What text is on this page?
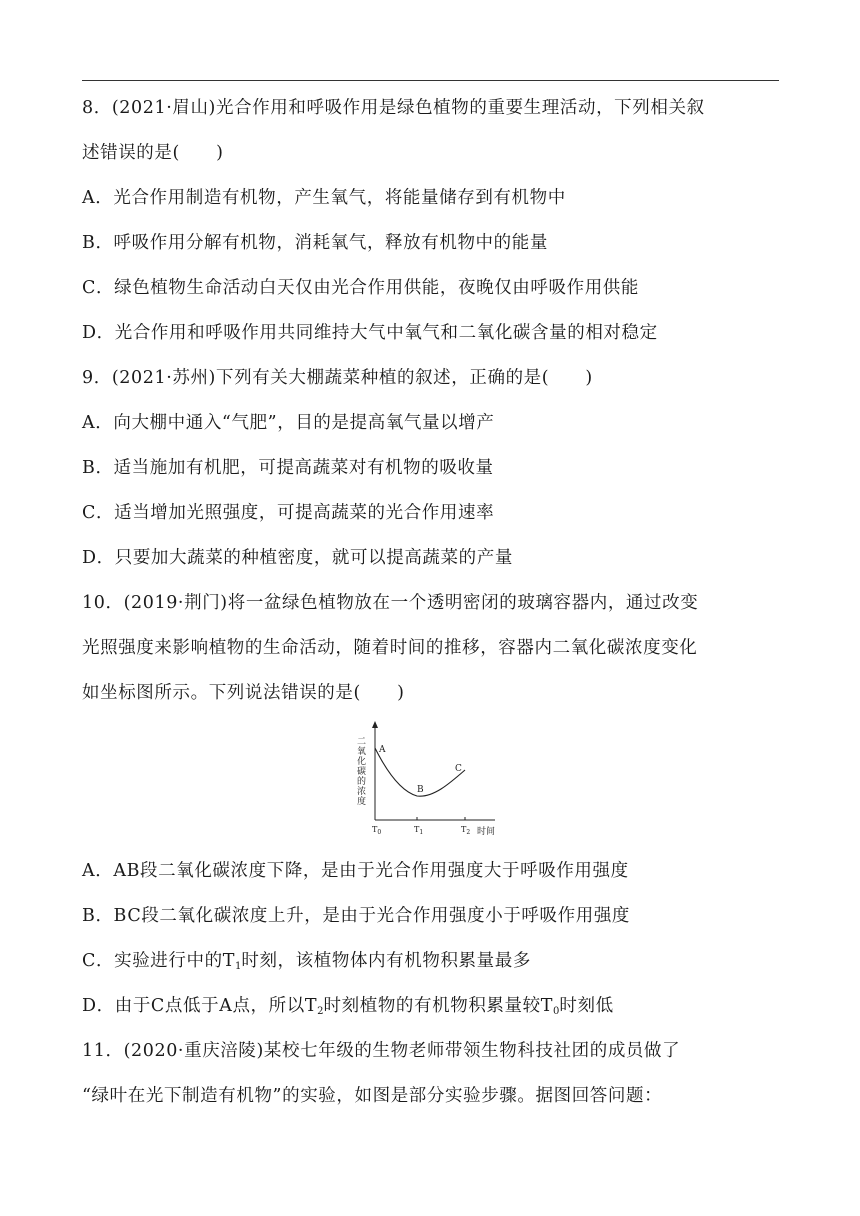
8．(2021·眉山)光合作用和呼吸作用是绿色植物的重要生理活动，下列相关叙
述错误的是(　　)
A．光合作用制造有机物，产生氧气，将能量储存到有机物中
B．呼吸作用分解有机物，消耗氧气，释放有机物中的能量
C．绿色植物生命活动白天仅由光合作用供能，夜晚仅由呼吸作用供能
D．光合作用和呼吸作用共同维持大气中氧气和二氧化碳含量的相对稳定
9．(2021·苏州)下列有关大棚蔬菜种植的叙述，正确的是(　　)
A．向大棚中通入“气肥”，目的是提高氧气量以增产
B．适当施加有机肥，可提高蔬菜对有机物的吸收量
C．适当增加光照强度，可提高蔬菜的光合作用速率
D．只要加大蔬菜的种植密度，就可以提高蔬菜的产量
10．(2019·荆门)将一盆绿色植物放在一个透明密闭的玻璃容器内，通过改变
光照强度来影响植物的生命活动，随着时间的推移，容器内二氧化碳浓度变化
如坐标图所示。下列说法错误的是(　　)
A
B
C
二氧化碳的浓度
$T_0$	$T_1$	$T_2$ 时间
A．AB段二氧化碳浓度下降，是由于光合作用强度大于呼吸作用强度
B．BC段二氧化碳浓度上升，是由于光合作用强度小于呼吸作用强度
C．实验进行中的$T_1$时刻，该植物体内有机物积累量最多
D．由于C点低于A点，所以$T_2$时刻植物的有机物积累量较$T_0$时刻低
11．(2020·重庆涪陵)某校七年级的生物老师带领生物科技社团的成员做了
“绿叶在光下制造有机物”的实验，如图是部分实验步骤。据图回答问题：
